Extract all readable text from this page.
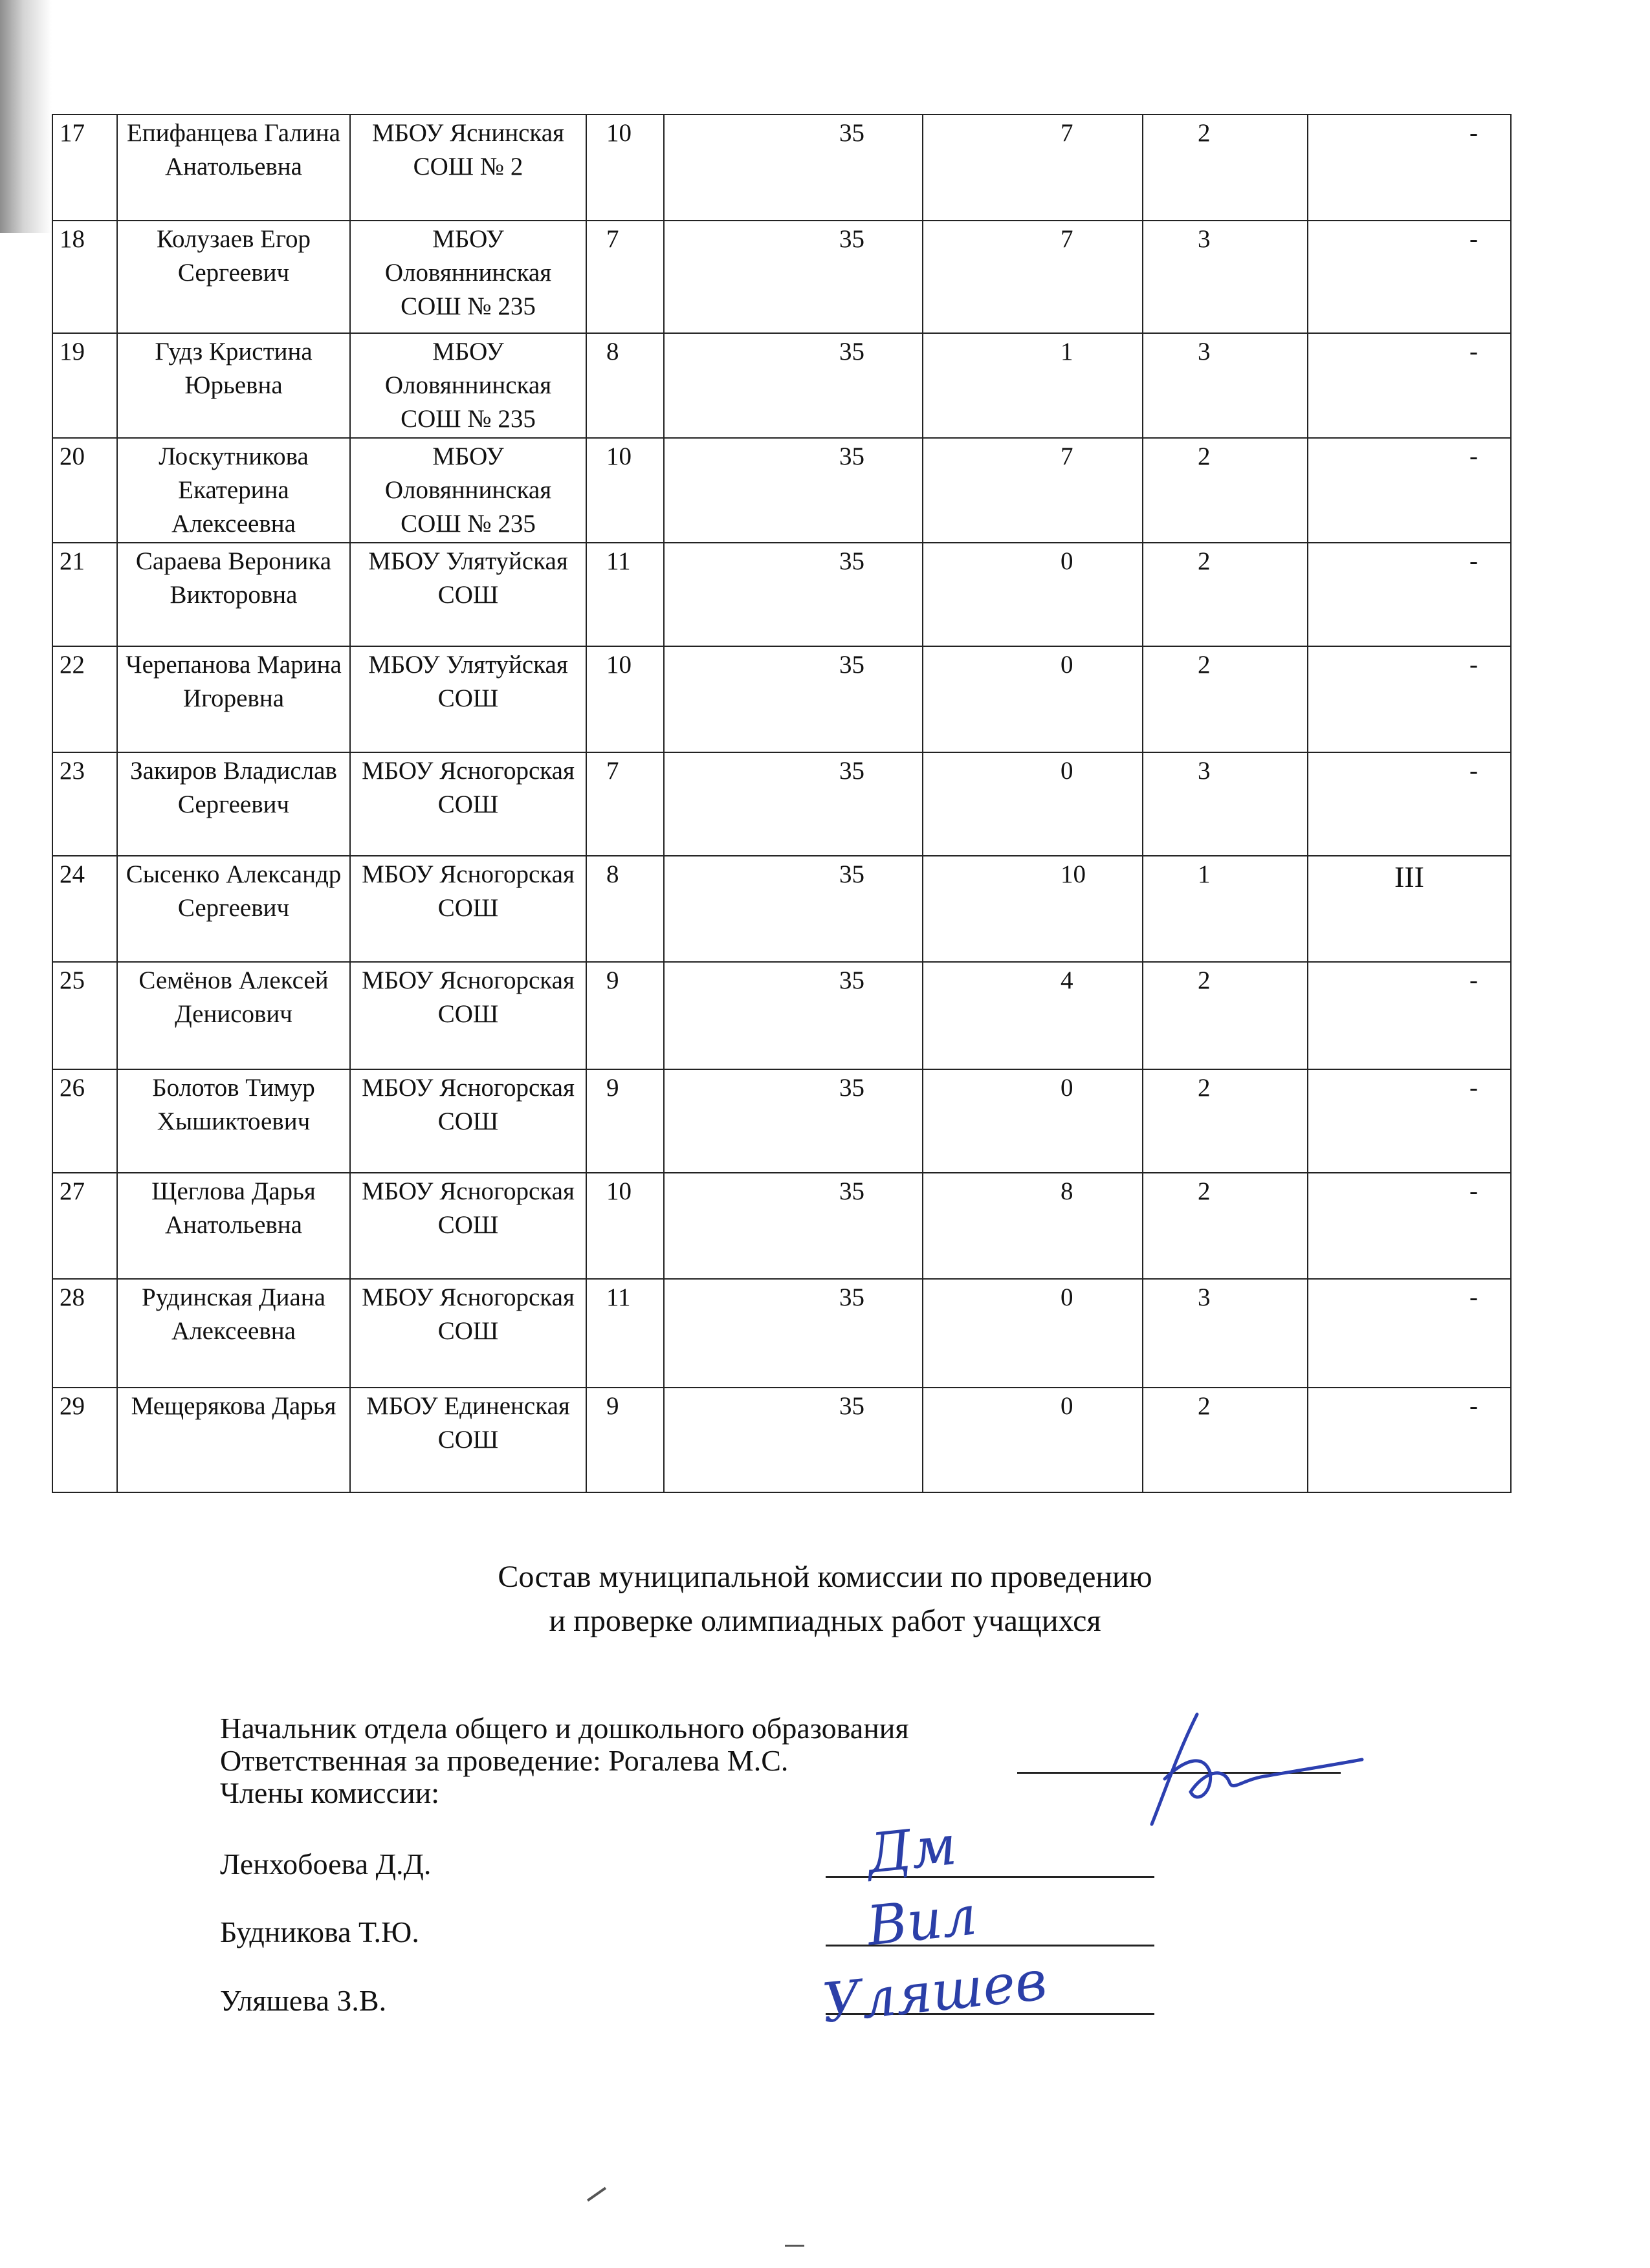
17	Епифанцева Галина Анатольевна	МБОУ Яснинская СОШ № 2	10	35	7	2	-
18	Колузаев Егор Сергеевич	МБОУ Оловяннинская СОШ № 235	7	35	7	3	-
19	Гудз Кристина Юрьевна	МБОУ Оловяннинская СОШ № 235	8	35	1	3	-
20	Лоскутникова Екатерина Алексеевна	МБОУ Оловяннинская СОШ № 235	10	35	7	2	-
21	Сараева Вероника Викторовна	МБОУ Улятуйская СОШ	11	35	0	2	-
22	Черепанова Марина Игоревна	МБОУ Улятуйская СОШ	10	35	0	2	-
23	Закиров Владислав Сергеевич	МБОУ Ясногорская СОШ	7	35	0	3	-
24	Сысенко Александр Сергеевич	МБОУ Ясногорская СОШ	8	35	10	1	III
25	Семёнов Алексей Денисович	МБОУ Ясногорская СОШ	9	35	4	2	-
26	Болотов Тимур Хышиктоевич	МБОУ Ясногорская СОШ	9	35	0	2	-
27	Щеглова Дарья Анатольевна	МБОУ Ясногорская СОШ	10	35	8	2	-
28	Рудинская Диана Алексеевна	МБОУ Ясногорская СОШ	11	35	0	3	-
29	Мещерякова Дарья	МБОУ Единенская СОШ	9	35	0	2	-
Состав муниципальной комиссии по проведению
и проверке олимпиадных работ учащихся
Начальник отдела общего и дошкольного образования
Ответственная за проведение: Рогалева М.С.
Члены комиссии:
Ленхобоева Д.Д.
Будникова Т.Ю.
Уляшева З.В.
Дм
Вил
Уляшев
